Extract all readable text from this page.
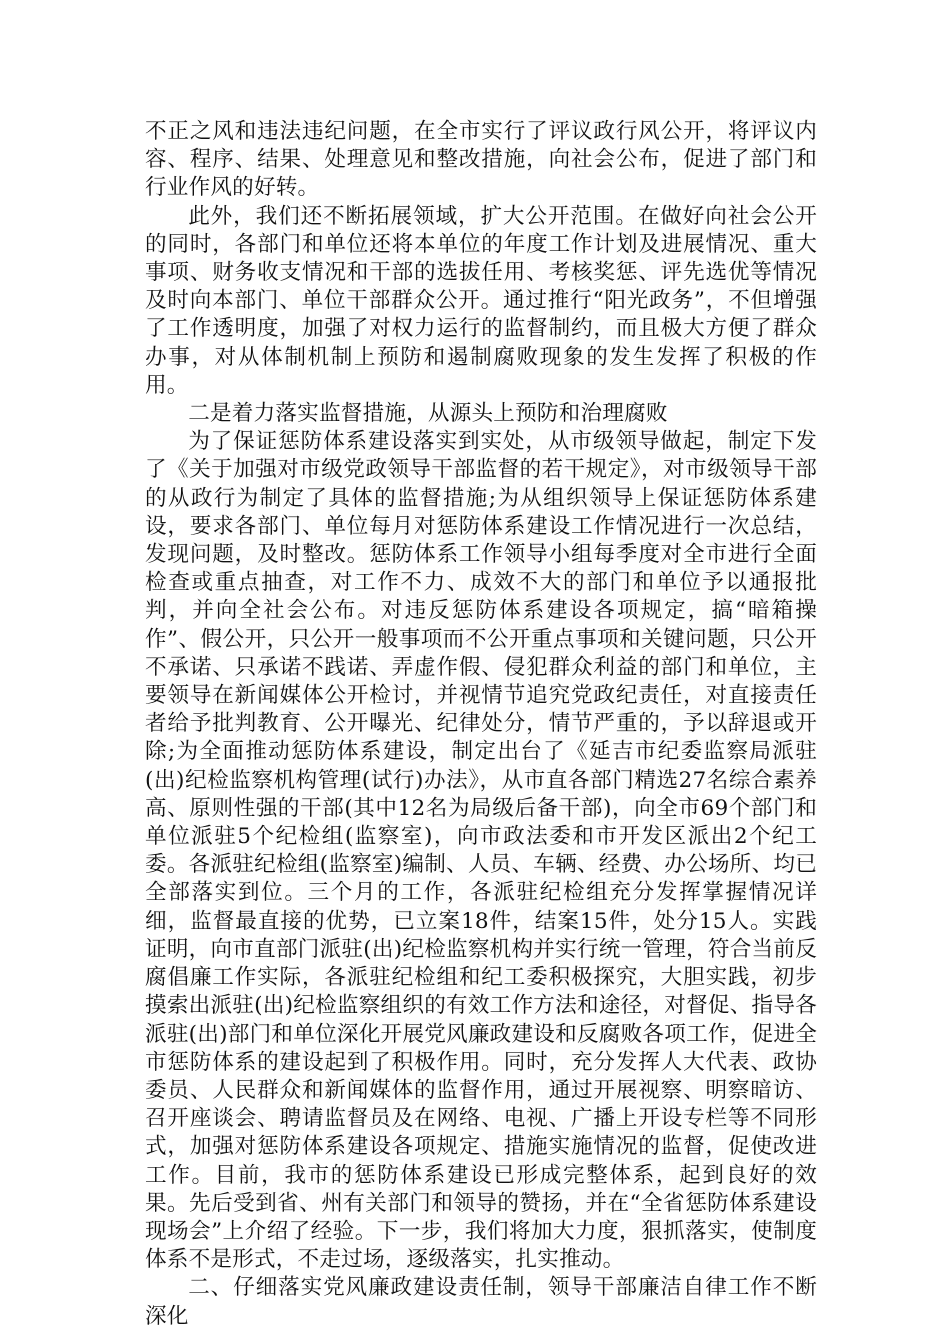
不正之风和违法违纪问题，在全市实行了评议政行风公开，将评议内容、程序、结果、处理意见和整改措施，向社会公布，促进了部门和行业作风的好转。

此外，我们还不断拓展领域，扩大公开范围。在做好向社会公开的同时，各部门和单位还将本单位的年度工作计划及进展情况、重大事项、财务收支情况和干部的选拔任用、考核奖惩、评先选优等情况及时向本部门、单位干部群众公开。通过推行“阳光政务”，不但增强了工作透明度，加强了对权力运行的监督制约，而且极大方便了群众办事，对从体制机制上预防和遏制腐败现象的发生发挥了积极的作用。

二是着力落实监督措施，从源头上预防和治理腐败

为了保证惩防体系建设落实到实处，从市级领导做起，制定下发了《关于加强对市级党政领导干部监督的若干规定》，对市级领导干部的从政行为制定了具体的监督措施;为从组织领导上保证惩防体系建设，要求各部门、单位每月对惩防体系建设工作情况进行一次总结，发现问题，及时整改。惩防体系工作领导小组每季度对全市进行全面检查或重点抽查，对工作不力、成效不大的部门和单位予以通报批判，并向全社会公布。对违反惩防体系建设各项规定，搞“暗箱操作”、假公开，只公开一般事项而不公开重点事项和关键问题，只公开不承诺、只承诺不践诺、弄虚作假、侵犯群众利益的部门和单位，主要领导在新闻媒体公开检讨，并视情节追究党政纪责任，对直接责任者给予批判教育、公开曝光、纪律处分，情节严重的，予以辞退或开除;为全面推动惩防体系建设，制定出台了《延吉市纪委监察局派驻(出)纪检监察机构管理(试行)办法》，从市直各部门精选27名综合素养高、原则性强的干部(其中12名为局级后备干部)，向全市69个部门和单位派驻5个纪检组(监察室)，向市政法委和市开发区派出2个纪工委。各派驻纪检组(监察室)编制、人员、车辆、经费、办公场所、均已全部落实到位。三个月的工作，各派驻纪检组充分发挥掌握情况详细，监督最直接的优势，已立案18件，结案15件，处分15人。实践证明，向市直部门派驻(出)纪检监察机构并实行统一管理，符合当前反腐倡廉工作实际，各派驻纪检组和纪工委积极探究，大胆实践，初步摸索出派驻(出)纪检监察组织的有效工作方法和途径，对督促、指导各派驻(出)部门和单位深化开展党风廉政建设和反腐败各项工作，促进全市惩防体系的建设起到了积极作用。同时，充分发挥人大代表、政协委员、人民群众和新闻媒体的监督作用，通过开展视察、明察暗访、召开座谈会、聘请监督员及在网络、电视、广播上开设专栏等不同形式，加强对惩防体系建设各项规定、措施实施情况的监督，促使改进工作。目前，我市的惩防体系建设已形成完整体系，起到良好的效果。先后受到省、州有关部门和领导的赞扬，并在“全省惩防体系建设现场会”上介绍了经验。下一步，我们将加大力度，狠抓落实，使制度体系不是形式，不走过场，逐级落实，扎实推动。

二、仔细落实党风廉政建设责任制，领导干部廉洁自律工作不断深化
